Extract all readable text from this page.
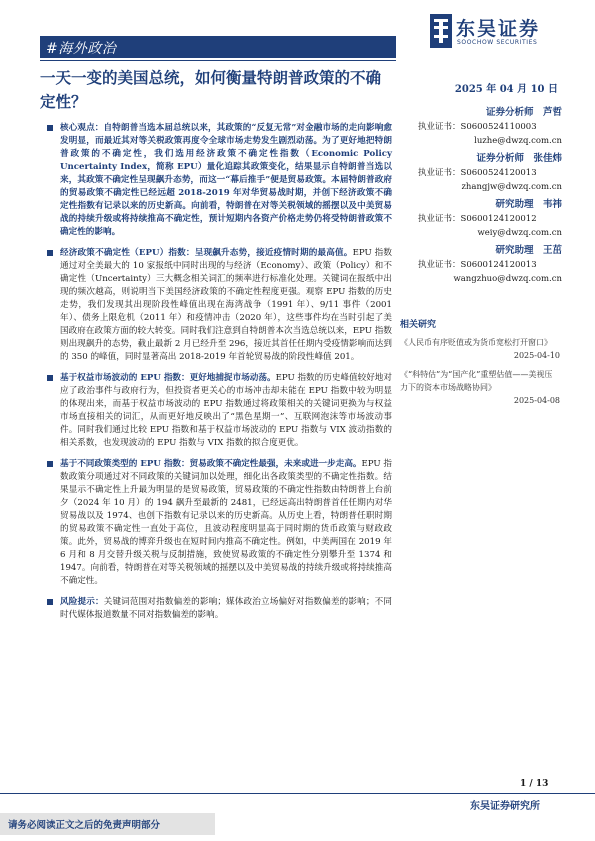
#海外政治
东吴证券
SOOCHOW SECURITIES
一天一变的美国总统，如何衡量特朗普政策的不确定性？
2025 年 04 月 10 日
证券分析师　芦哲
执业证书：S0600524110003
luzhe@dwzq.com.cn
证券分析师　张佳炜
执业证书：S0600524120013
zhangjw@dwzq.com.cn
研究助理　韦祎
执业证书：S0600124120012
weiy@dwzq.com.cn
研究助理　王茁
执业证书：S0600124120013
wangzhuo@dwzq.com.cn
相关研究
《人民币有序贬值或为货币宽松打开窗口》
2025-04-10
《“科特估”为“国产化”重塑估值——美视压力下的资本市场战略协同》
2025-04-08
核心观点：自特朗普当选本届总统以来，其政策的“反复无常”对金融市场的走向影响愈发明显，而最近其对等关税政策再度令全球市场走势发生剧烈动荡。为了更好地把特朗普政策的不确定性，我们选用经济政策不确定性指数（Economic Policy Uncertainty Index，简称 EPU）量化追踪其政策变化，结果显示自特朗普当选以来，其政策不确定性呈现飙升态势，而这一“幕后推手”便是贸易政策。本届特朗普政府的贸易政策不确定性已经远超 2018-2019 年对华贸易战时期，并创下经济政策不确定性指数有记录以来的历史新高。向前看，特朗普在对等关税领域的摇摆以及中美贸易战的持续升级或将持续推高不确定性，预计短期内各资产价格走势仍将受特朗普政策不确定性的影响。
经济政策不确定性（EPU）指数：呈现飙升态势，接近疫情时期的最高值。EPU 指数通过对全美最大的 10 家报纸中同时出现的与经济（Economy）、政策（Policy）和不确定性（Uncertainty）三大概念相关词汇的频率进行标准化处理。关键词在报纸中出现的频次越高，则说明当下美国经济政策的不确定性程度更强。观察 EPU 指数的历史走势，我们发现其出现阶段性峰值出现在海湾战争（1991 年）、9/11 事件（2001 年）、债务上限危机（2011 年）和疫情冲击（2020 年），这些事件均在当时引起了美国政府在政策方面的较大转变。同时我们注意到自特朗普本次当选总统以来，EPU 指数则出现飙升的态势，截止最新 2 月已经升至 296，接近其首任任期内受疫情影响而达到的 350 的峰值，同时显著高出 2018-2019 年首轮贸易战的阶段性峰值 201。
基于权益市场波动的 EPU 指数：更好地捕捉市场动荡。EPU 指数的历史峰值较好地对应了政治事件与政府行为，但投资者更关心的市场冲击却未能在 EPU 指数中较为明显的体现出来，而基于权益市场波动的 EPU 指数通过将政策相关的关键词更换为与权益市场直接相关的词汇，从而更好地反映出了“黑色星期一”、互联网泡沫等市场波动事件。同时我们通过比较 EPU 指数和基于权益市场波动的 EPU 指数与 VIX 波动指数的相关系数，也发现波动的 EPU 指数与 VIX 指数的拟合度更优。
基于不同政策类型的 EPU 指数：贸易政策不确定性最强，未来或进一步走高。EPU 指数政策分项通过对不同政策的关键词加以处理，细化出各政策类型的不确定性指数。结果显示不确定性上升最为明显的是贸易政策，贸易政策的不确定性指数由特朗普上台前夕（2024 年 10 月）的 194 飙升至最新的 2481，已经远高出特朗普首任任期内对华贸易战以及 1974、也创下指数有记录以来的历史新高。从历史上看，特朗普任职时期的贸易政策不确定性一直处于高位，且波动程度明显高于同时期的货币政策与财政政策。此外，贸易战的博弈升级也在短时间内推高不确定性。例如，中美两国在 2019 年 6 月和 8 月交替升级关税与反制措施，致使贸易政策的不确定性分别攀升至 1374 和 1947。向前看，特朗普在对等关税领域的摇摆以及中美贸易战的持续升级或将持续推高不确定性。
风险提示：关键词范围对指数偏差的影响；媒体政治立场偏好对指数偏差的影响；不同时代媒体报道数量不同对指数偏差的影响。
1 / 13
东吴证券研究所
请务必阅读正文之后的免责声明部分
